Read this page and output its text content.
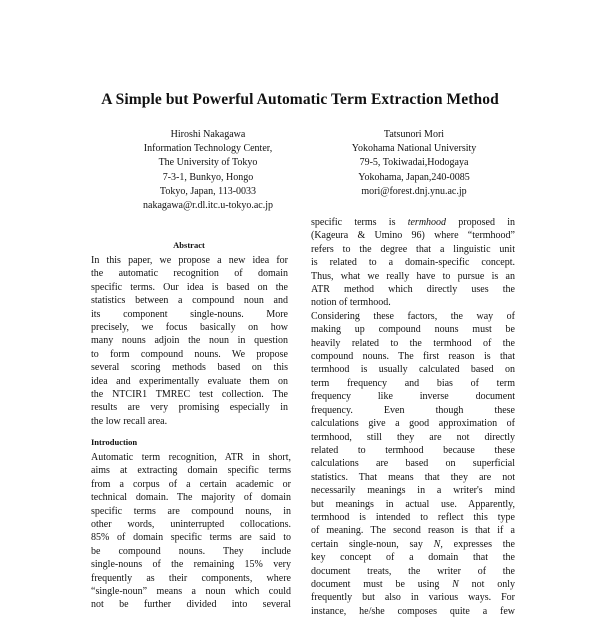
A Simple but Powerful Automatic Term Extraction Method
Hiroshi Nakagawa
Information Technology Center,
The University of Tokyo
7-3-1, Bunkyo, Hongo
Tokyo, Japan, 113-0033
nakagawa@r.dl.itc.u-tokyo.ac.jp
Tatsunori Mori
Yokohama National University
79-5, Tokiwadai,Hodogaya
Yokohama, Japan,240-0085
mori@forest.dnj.ynu.ac.jp
Abstract
In this paper, we propose a new idea for
the automatic recognition of domain
specific terms. Our idea is based on the
statistics between a compound noun and
its component single-nouns. More
precisely, we focus basically on how
many nouns adjoin the noun in question
to form compound nouns. We propose
several scoring methods based on this
idea and experimentally evaluate them on
the NTCIR1 TMREC test collection. The
results are very promising especially in
the low recall area.
Introduction
Automatic term recognition, ATR in short,
aims at extracting domain specific terms
from a corpus of a certain academic or
technical domain. The majority of domain
specific terms are compound nouns, in
other words, uninterrupted collocations.
85% of domain specific terms are said to
be compound nouns. They include
single-nouns of the remaining 15% very
frequently as their components, where
“single-noun” means a noun which could
not be further divided into several
specific terms is termhood proposed in
(Kageura & Umino 96) where “termhood”
refers to the degree that a linguistic unit
is related to a domain-specific concept.
Thus, what we really have to pursue is an
ATR method which directly uses the
notion of termhood.
Considering these factors, the way of
making up compound nouns must be
heavily related to the termhood of the
compound nouns. The first reason is that
termhood is usually calculated based on
term frequency and bias of term
frequency like inverse document
frequency. Even though these
calculations give a good approximation of
termhood, still they are not directly
related to termhood because these
calculations are based on superficial
statistics. That means that they are not
necessarily meanings in a writer's mind
but meanings in actual use. Apparently,
termhood is intended to reflect this type
of meaning. The second reason is that if a
certain single-noun, say N, expresses the
key concept of a domain that the
document treats, the writer of the
document must be using N not only
frequently but also in various ways. For
instance, he/she composes quite a few
